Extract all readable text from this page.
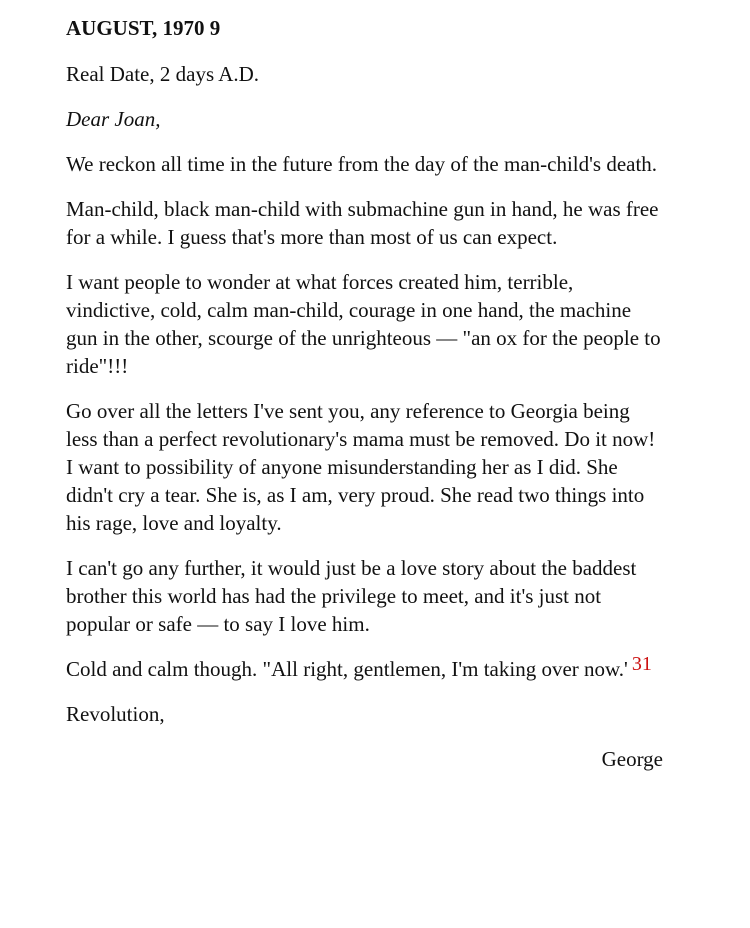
AUGUST, 1970 9

Real Date, 2 days A.D.

Dear Joan,

We reckon all time in the future from the day of the man-child's death.

Man-child, black man-child with submachine gun in hand, he was free for a while. I guess that's more than most of us can expect.

I want people to wonder at what forces created him, terrible, vindictive, cold, calm man-child, courage in one hand, the machine gun in the other, scourge of the unrighteous — "an ox for the people to ride"!!!

Go over all the letters I've sent you, any reference to Georgia being less than a perfect revolutionary's mama must be removed. Do it now! I want to possibility of anyone misunderstanding her as I did. She didn't cry a tear. She is, as I am, very proud. She read two things into his rage, love and loyalty.

I can't go any further, it would just be a love story about the baddest brother this world has had the privilege to meet, and it's just not popular or safe — to say I love him.

Cold and calm though. "All right, gentlemen, I'm taking over now.' 31

Revolution,

George
